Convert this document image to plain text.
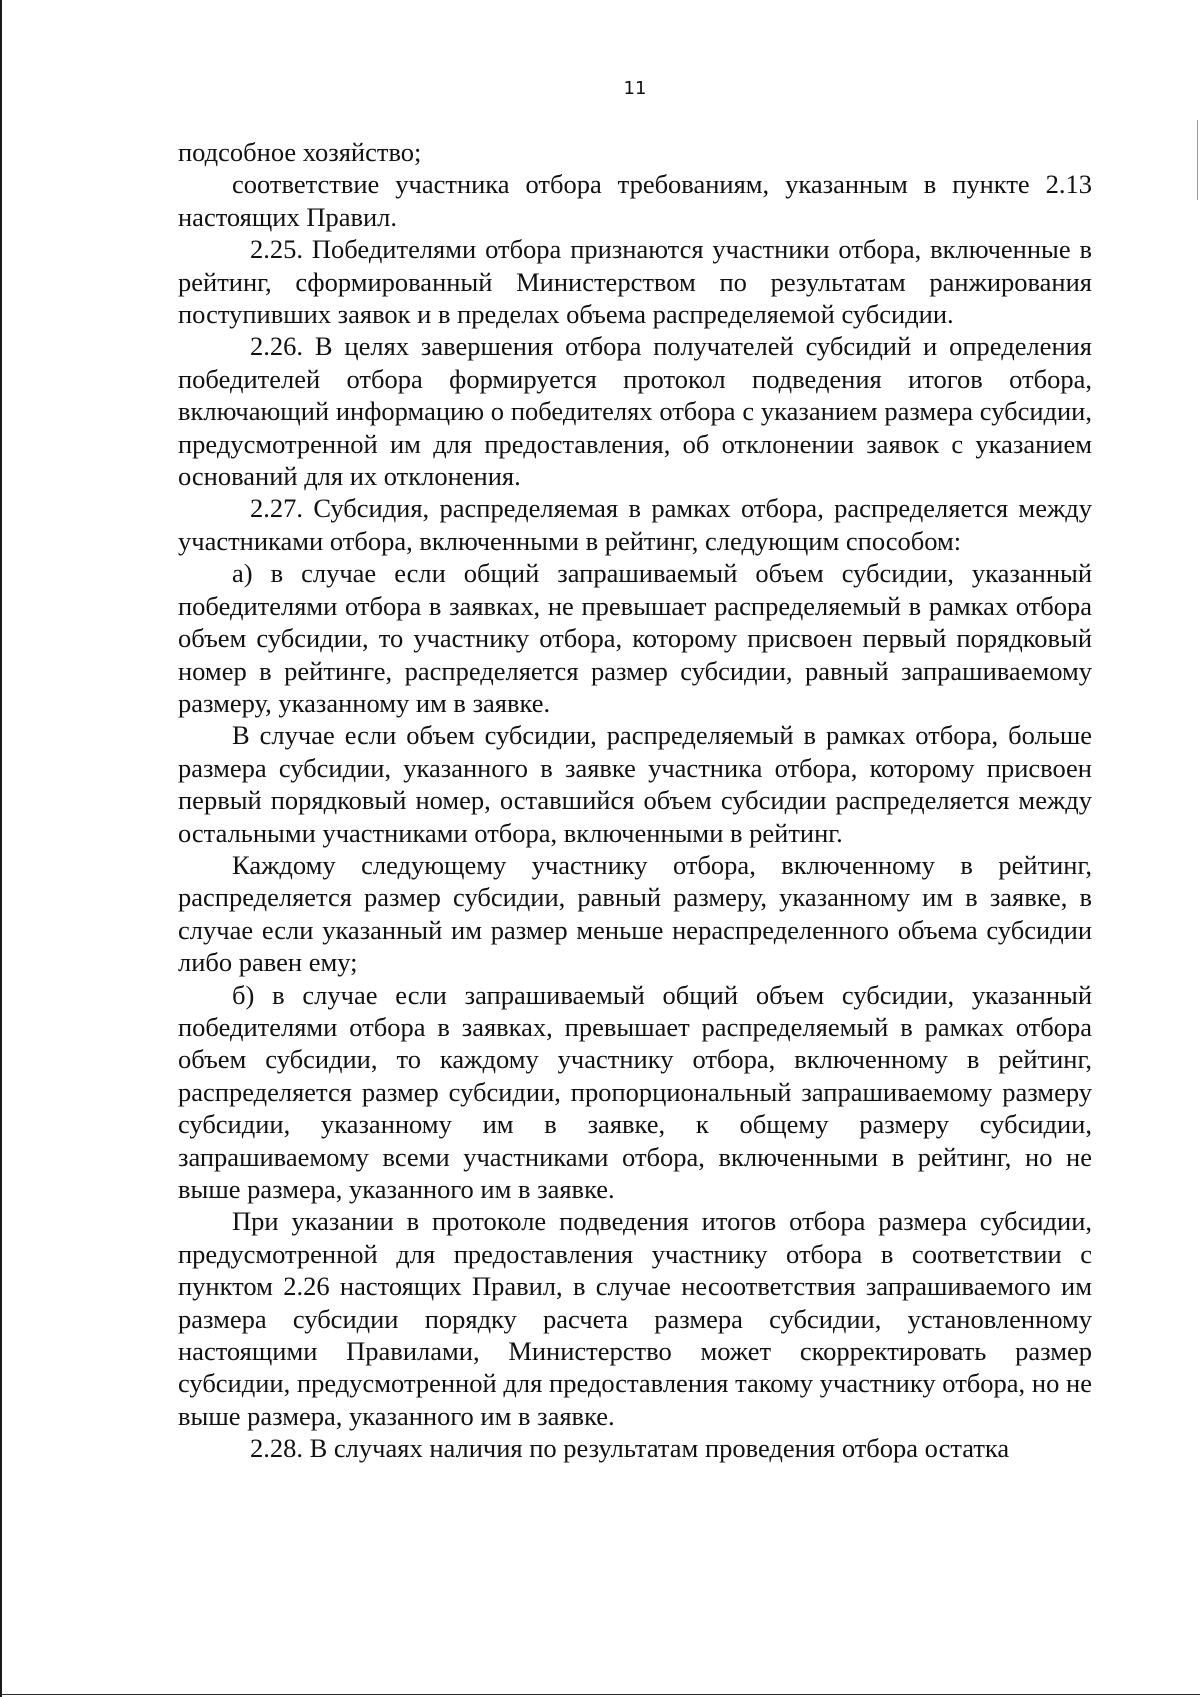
11

подсобное хозяйство;

соответствие участника отбора требованиям, указанным в пункте 2.13 настоящих Правил.

2.25. Победителями отбора признаются участники отбора, включенные в рейтинг, сформированный Министерством по результатам ранжирования поступивших заявок и в пределах объема распределяемой субсидии.

2.26. В целях завершения отбора получателей субсидий и определения победителей отбора формируется протокол подведения итогов отбора, включающий информацию о победителях отбора с указанием размера субсидии, предусмотренной им для предоставления, об отклонении заявок с указанием оснований для их отклонения.

2.27. Субсидия, распределяемая в рамках отбора, распределяется между участниками отбора, включенными в рейтинг, следующим способом:

а) в случае если общий запрашиваемый объем субсидии, указанный победителями отбора в заявках, не превышает распределяемый в рамках отбора объем субсидии, то участнику отбора, которому присвоен первый порядковый номер в рейтинге, распределяется размер субсидии, равный запрашиваемому размеру, указанному им в заявке.

В случае если объем субсидии, распределяемый в рамках отбора, больше размера субсидии, указанного в заявке участника отбора, которому присвоен первый порядковый номер, оставшийся объем субсидии распределяется между остальными участниками отбора, включенными в рейтинг.

Каждому следующему участнику отбора, включенному в рейтинг, распределяется размер субсидии, равный размеру, указанному им в заявке, в случае если указанный им размер меньше нераспределенного объема субсидии либо равен ему;

б) в случае если запрашиваемый общий объем субсидии, указанный победителями отбора в заявках, превышает распределяемый в рамках отбора объем субсидии, то каждому участнику отбора, включенному в рейтинг, распределяется размер субсидии, пропорциональный запрашиваемому размеру субсидии, указанному им в заявке, к общему размеру субсидии, запрашиваемому всеми участниками отбора, включенными в рейтинг, но не выше размера, указанного им в заявке.

При указании в протоколе подведения итогов отбора размера субсидии, предусмотренной для предоставления участнику отбора в соответствии с пунктом 2.26 настоящих Правил, в случае несоответствия запрашиваемого им размера субсидии порядку расчета размера субсидии, установленному настоящими Правилами, Министерство может скорректировать размер субсидии, предусмотренной для предоставления такому участнику отбора, но не выше размера, указанного им в заявке.

2.28. В случаях наличия по результатам проведения отбора остатка
